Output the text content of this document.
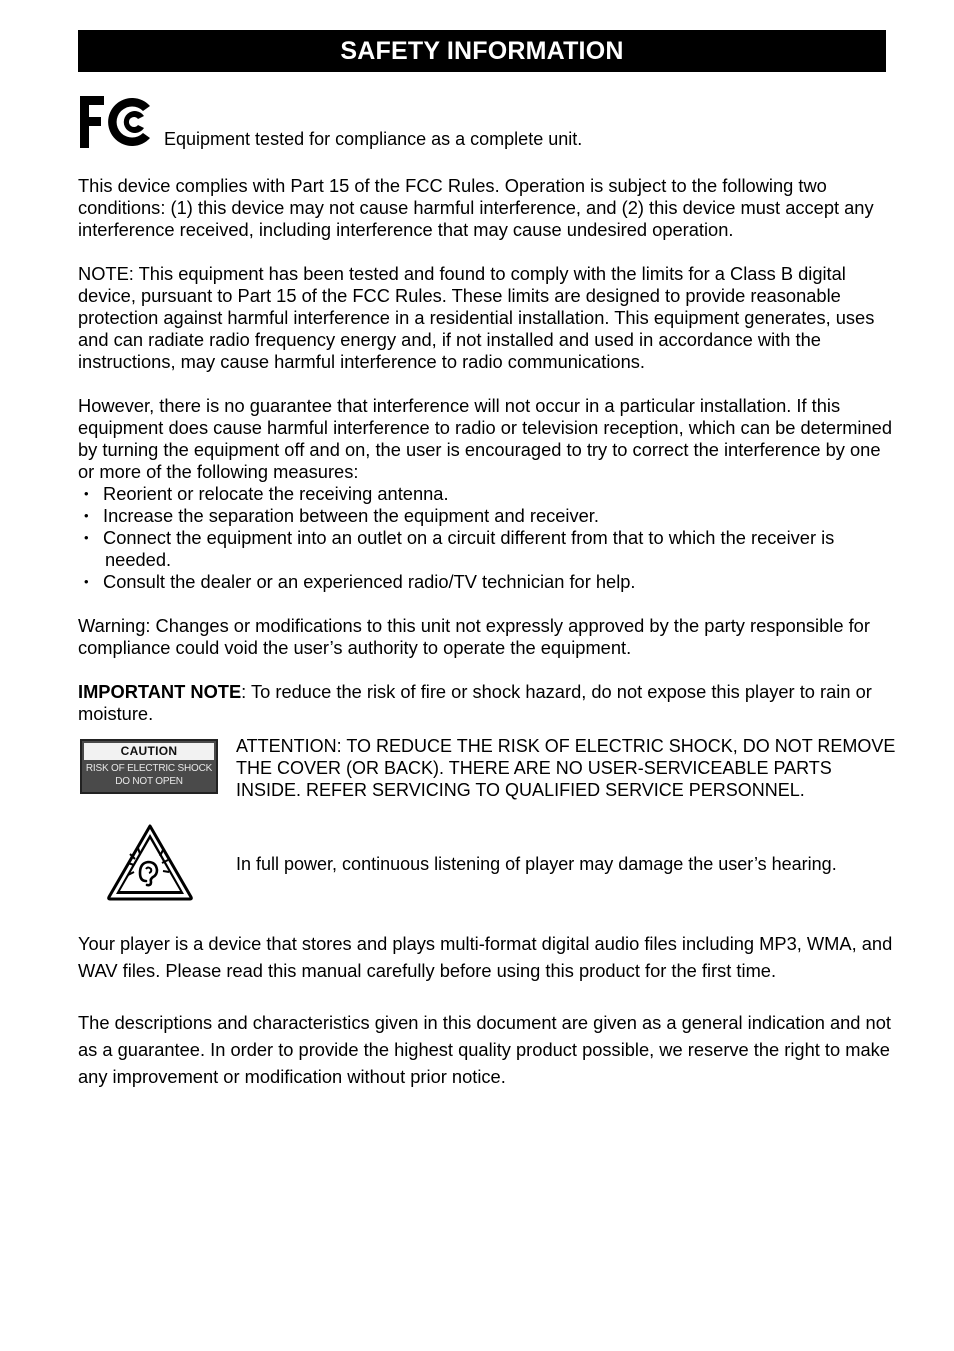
SAFETY INFORMATION
Equipment tested for compliance as a complete unit.

This device complies with Part 15 of the FCC Rules. Operation is subject to the following two conditions: (1) this device may not cause harmful interference, and (2) this device must accept any interference received, including interference that may cause undesired operation.

NOTE: This equipment has been tested and found to comply with the limits for a Class B digital device, pursuant to Part 15 of the FCC Rules. These limits are designed to provide reasonable protection against harmful interference in a residential installation. This equipment generates, uses and can radiate radio frequency energy and, if not installed and used in accordance with the instructions, may cause harmful interference to radio communications.

However, there is no guarantee that interference will not occur in a particular installation. If this equipment does cause harmful interference to radio or television reception, which can be determined by turning the equipment off and on, the user is encouraged to try to correct the interference by one or more of the following measures:

• Reorient or relocate the receiving antenna.
• Increase the separation between the equipment and receiver.
• Connect the equipment into an outlet on a circuit different from that to which the receiver is
needed.
• Consult the dealer or an experienced radio/TV technician for help.

Warning: Changes or modifications to this unit not expressly approved by the party responsible for compliance could void the user’s authority to operate the equipment.

IMPORTANT NOTE: To reduce the risk of fire or shock hazard, do not expose this player to rain or moisture.

CAUTION
RISK OF ELECTRIC SHOCK
DO NOT OPEN
ATTENTION: TO REDUCE THE RISK OF ELECTRIC SHOCK, DO NOT REMOVE THE COVER (OR BACK). THERE ARE NO USER-SERVICEABLE PARTS INSIDE. REFER SERVICING TO QUALIFIED SERVICE PERSONNEL.
In full power, continuous listening of player may damage the user’s hearing.

Your player is a device that stores and plays multi-format digital audio files including MP3, WMA, and WAV files. Please read this manual carefully before using this product for the first time.

The descriptions and characteristics given in this document are given as a general indication and not as a guarantee. In order to provide the highest quality product possible, we reserve the right to make any improvement or modification without prior notice.
